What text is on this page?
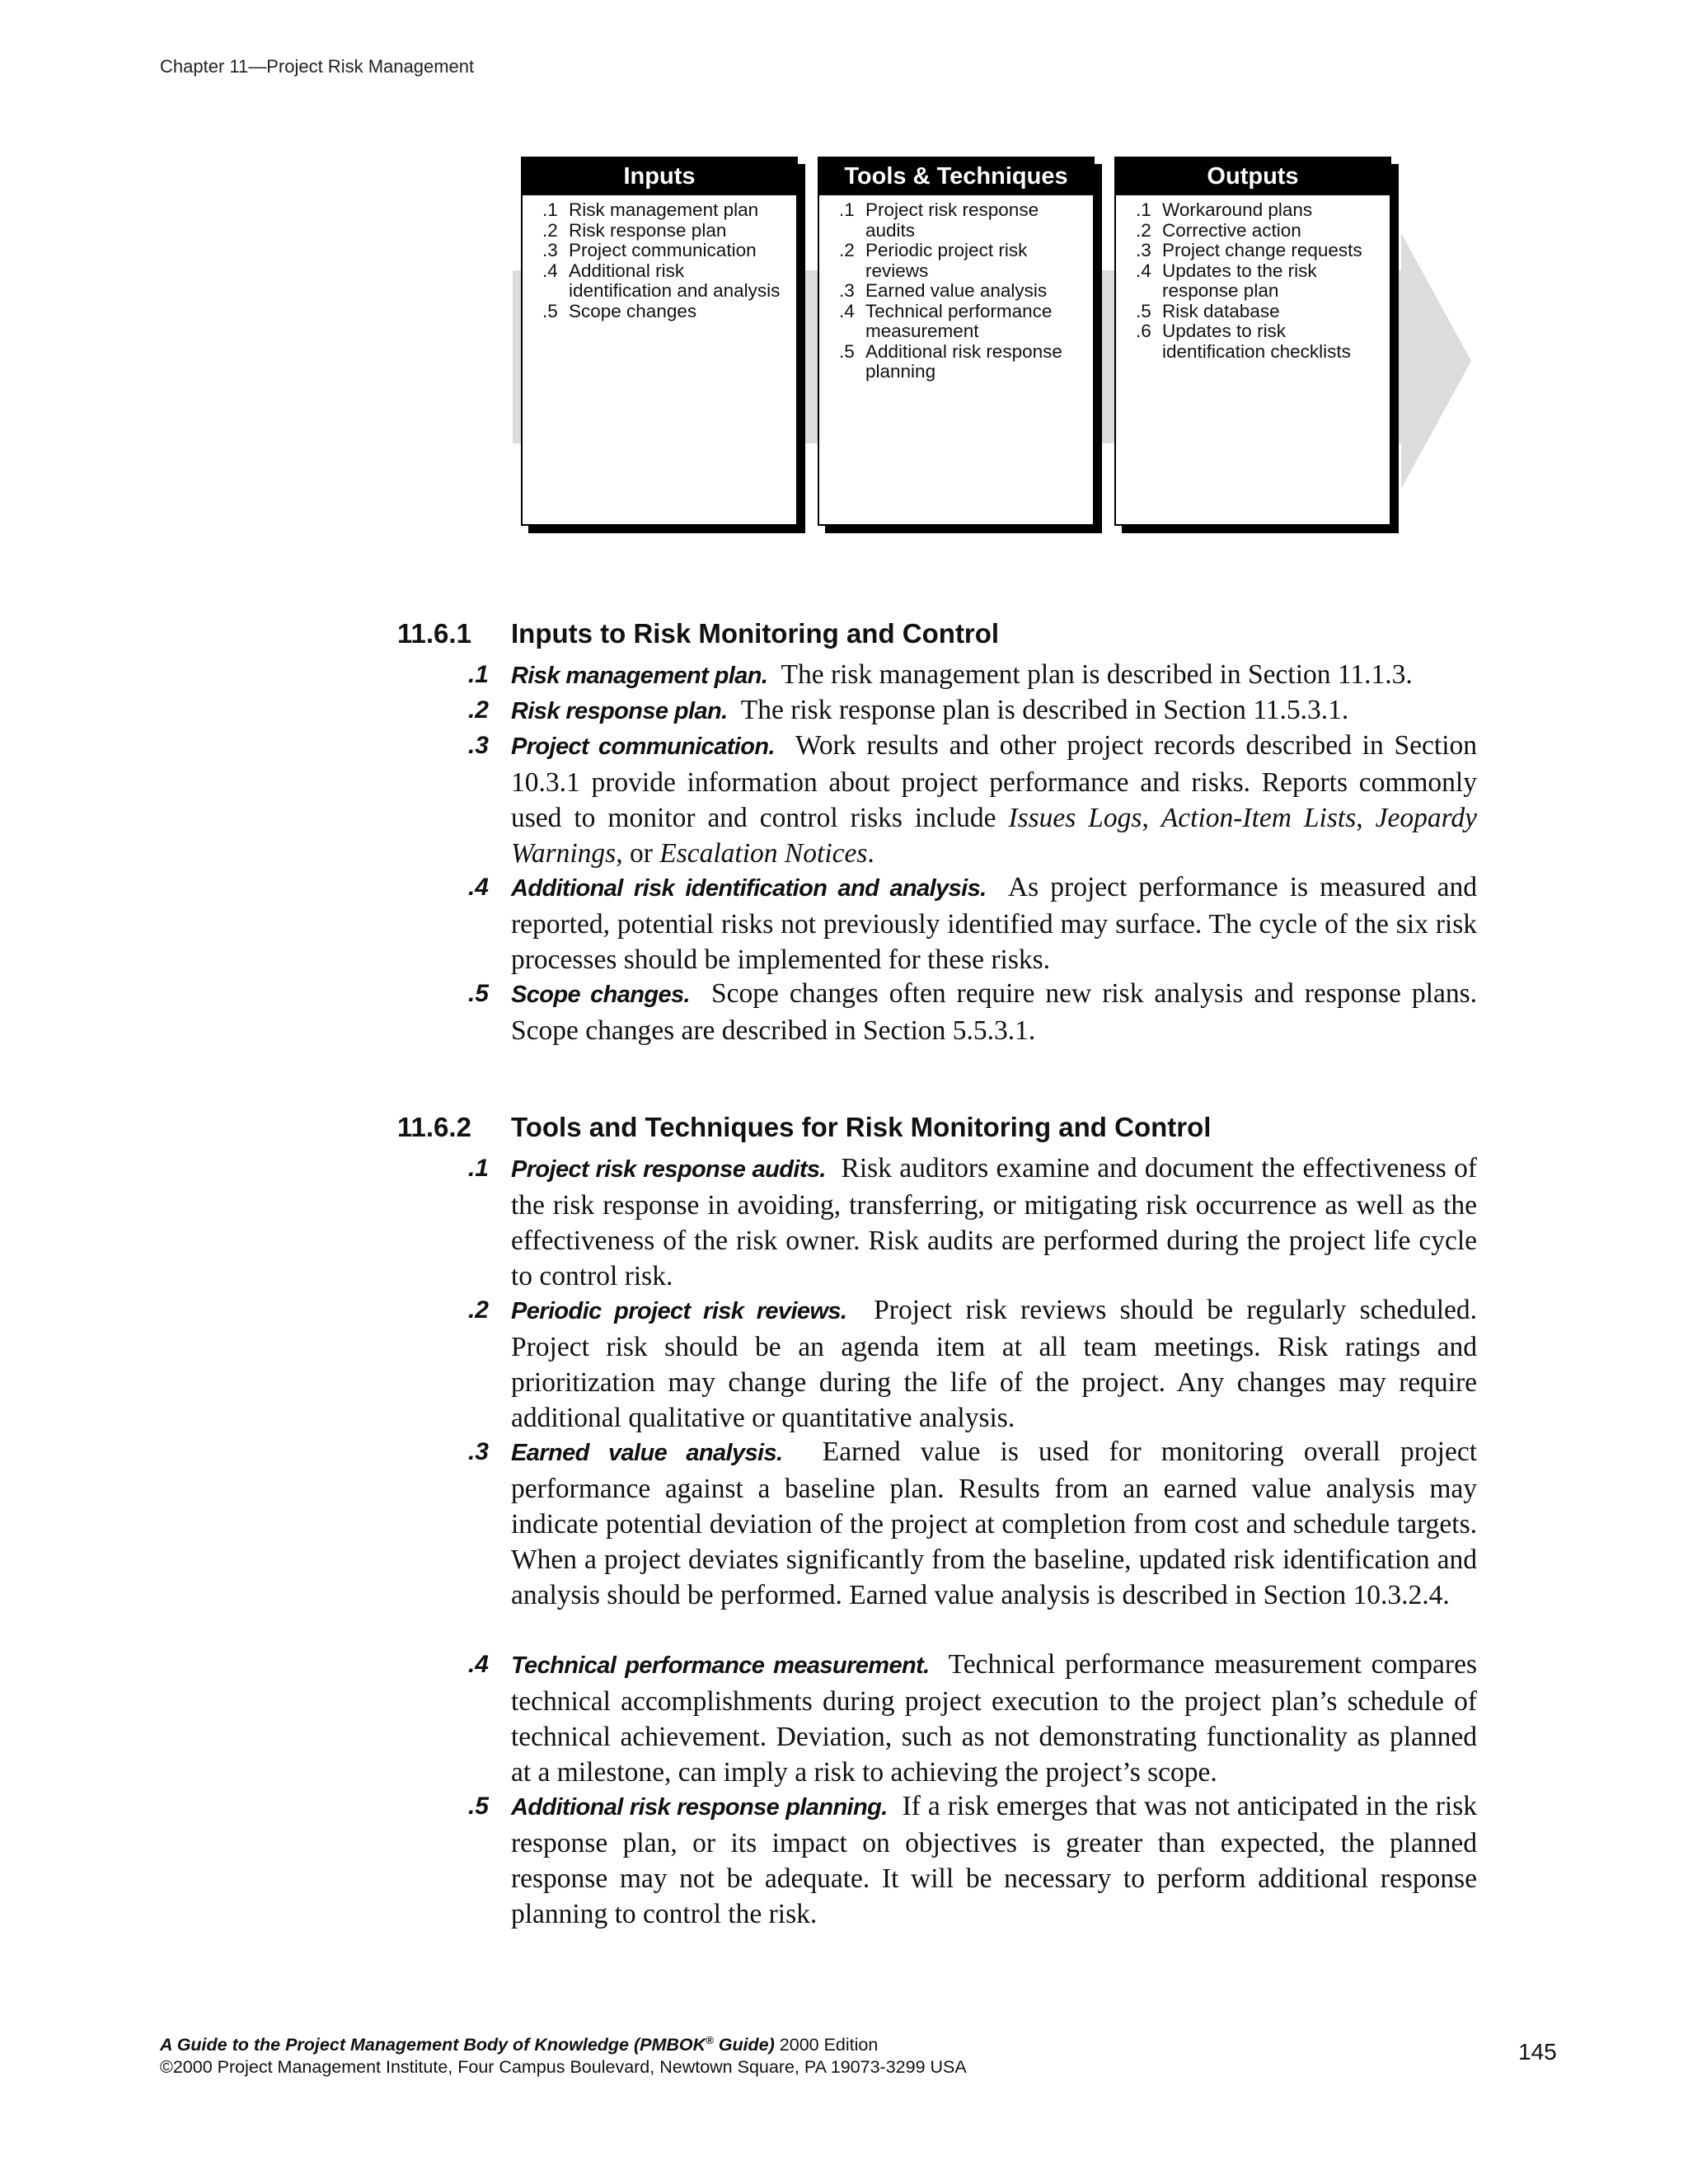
Chapter 11—Project Risk Management
Inputs
.1 Risk management plan
.2 Risk response plan
.3 Project communication
.4 Additional risk identification and analysis
.5 Scope changes
Tools & Techniques
.1 Project risk response audits
.2 Periodic project risk reviews
.3 Earned value analysis
.4 Technical performance measurement
.5 Additional risk response planning
Outputs
.1 Workaround plans
.2 Corrective action
.3 Project change requests
.4 Updates to the risk response plan
.5 Risk database
.6 Updates to risk identification checklists
11.6.1 Inputs to Risk Monitoring and Control
.1 Risk management plan. The risk management plan is described in Section 11.1.3.
.2 Risk response plan. The risk response plan is described in Section 11.5.3.1.
.3 Project communication. Work results and other project records described in Section 10.3.1 provide information about project performance and risks. Reports commonly used to monitor and control risks include Issues Logs, Action-Item Lists, Jeopardy Warnings, or Escalation Notices.
.4 Additional risk identification and analysis. As project performance is measured and reported, potential risks not previously identified may surface. The cycle of the six risk processes should be implemented for these risks.
.5 Scope changes. Scope changes often require new risk analysis and response plans. Scope changes are described in Section 5.5.3.1.
11.6.2 Tools and Techniques for Risk Monitoring and Control
.1 Project risk response audits. Risk auditors examine and document the effectiveness of the risk response in avoiding, transferring, or mitigating risk occurrence as well as the effectiveness of the risk owner. Risk audits are performed during the project life cycle to control risk.
.2 Periodic project risk reviews. Project risk reviews should be regularly scheduled. Project risk should be an agenda item at all team meetings. Risk ratings and prioritization may change during the life of the project. Any changes may require additional qualitative or quantitative analysis.
.3 Earned value analysis. Earned value is used for monitoring overall project performance against a baseline plan. Results from an earned value analysis may indicate potential deviation of the project at completion from cost and schedule targets. When a project deviates significantly from the baseline, updated risk identification and analysis should be performed. Earned value analysis is described in Section 10.3.2.4.
.4 Technical performance measurement. Technical performance measurement compares technical accomplishments during project execution to the project plan’s schedule of technical achievement. Deviation, such as not demonstrating functionality as planned at a milestone, can imply a risk to achieving the project’s scope.
.5 Additional risk response planning. If a risk emerges that was not anticipated in the risk response plan, or its impact on objectives is greater than expected, the planned response may not be adequate. It will be necessary to perform additional response planning to control the risk.
A Guide to the Project Management Body of Knowledge (PMBOK® Guide) 2000 Edition
©2000 Project Management Institute, Four Campus Boulevard, Newtown Square, PA 19073-3299 USA
145
